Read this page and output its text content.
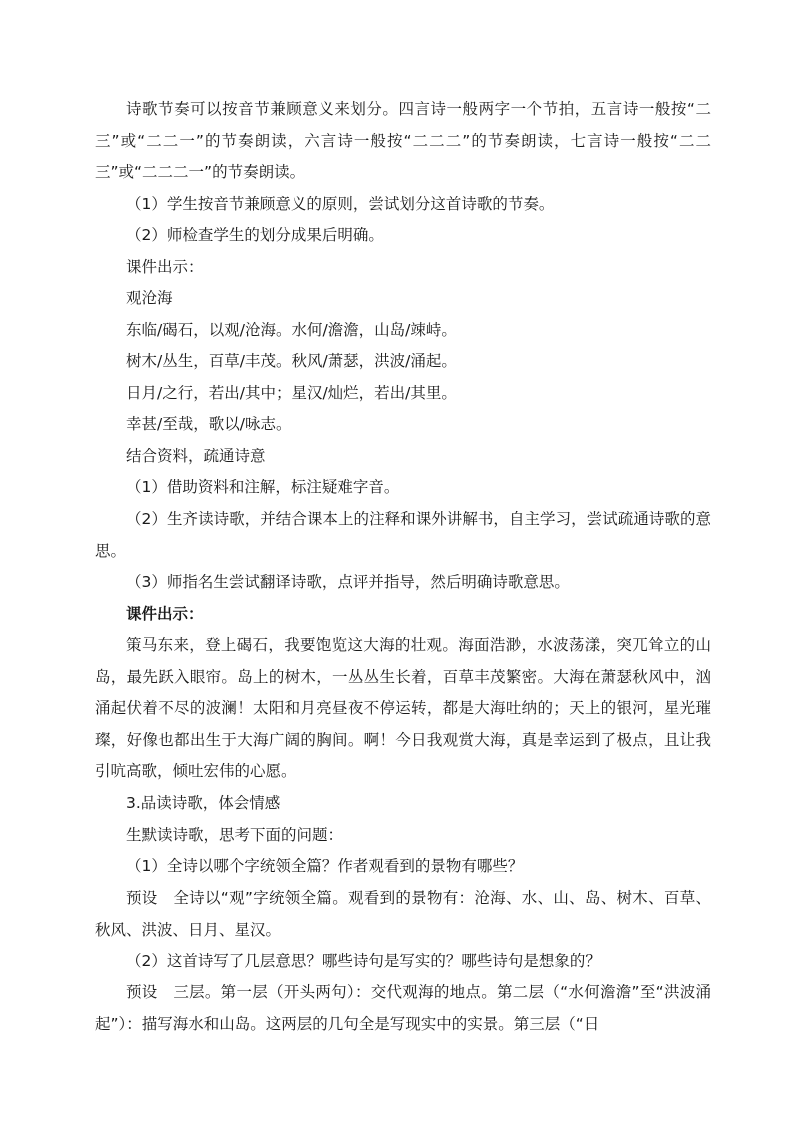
诗歌节奏可以按音节兼顾意义来划分。四言诗一般两字一个节拍，五言诗一般按“二三”或“二二一”的节奏朗读，六言诗一般按“二二二”的节奏朗读，七言诗一般按“二二三”或“二二二一”的节奏朗读。

（1）学生按音节兼顾意义的原则，尝试划分这首诗歌的节奏。

（2）师检查学生的划分成果后明确。

课件出示：

观沧海

东临/碣石，以观/沧海。水何/澹澹，山岛/竦峙。

树木/丛生，百草/丰茂。秋风/萧瑟，洪波/涌起。

日月/之行，若出/其中；星汉/灿烂，若出/其里。

幸甚/至哉，歌以/咏志。

结合资料，疏通诗意

（1）借助资料和注解，标注疑难字音。

（2）生齐读诗歌，并结合课本上的注释和课外讲解书，自主学习，尝试疏通诗歌的意思。

（3）师指名生尝试翻译诗歌，点评并指导，然后明确诗歌意思。

课件出示：

策马东来，登上碣石，我要饱览这大海的壮观。海面浩渺，水波荡漾，突兀耸立的山岛，最先跃入眼帘。岛上的树木，一丛丛生长着，百草丰茂繁密。大海在萧瑟秋风中，汹涌起伏着不尽的波澜！太阳和月亮昼夜不停运转，都是大海吐纳的；天上的银河，星光璀璨，好像也都出生于大海广阔的胸间。啊！今日我观赏大海，真是幸运到了极点，且让我引吭高歌，倾吐宏伟的心愿。

3.品读诗歌，体会情感

生默读诗歌，思考下面的问题：

（1）全诗以哪个字统领全篇？作者观看到的景物有哪些？

预设　全诗以“观”字统领全篇。观看到的景物有：沧海、水、山、岛、树木、百草、秋风、洪波、日月、星汉。

（2）这首诗写了几层意思？哪些诗句是写实的？哪些诗句是想象的？

预设　三层。第一层（开头两句）：交代观海的地点。第二层（“水何澹澹”至“洪波涌起”）：描写海水和山岛。这两层的几句全是写现实中的实景。第三层（“日
